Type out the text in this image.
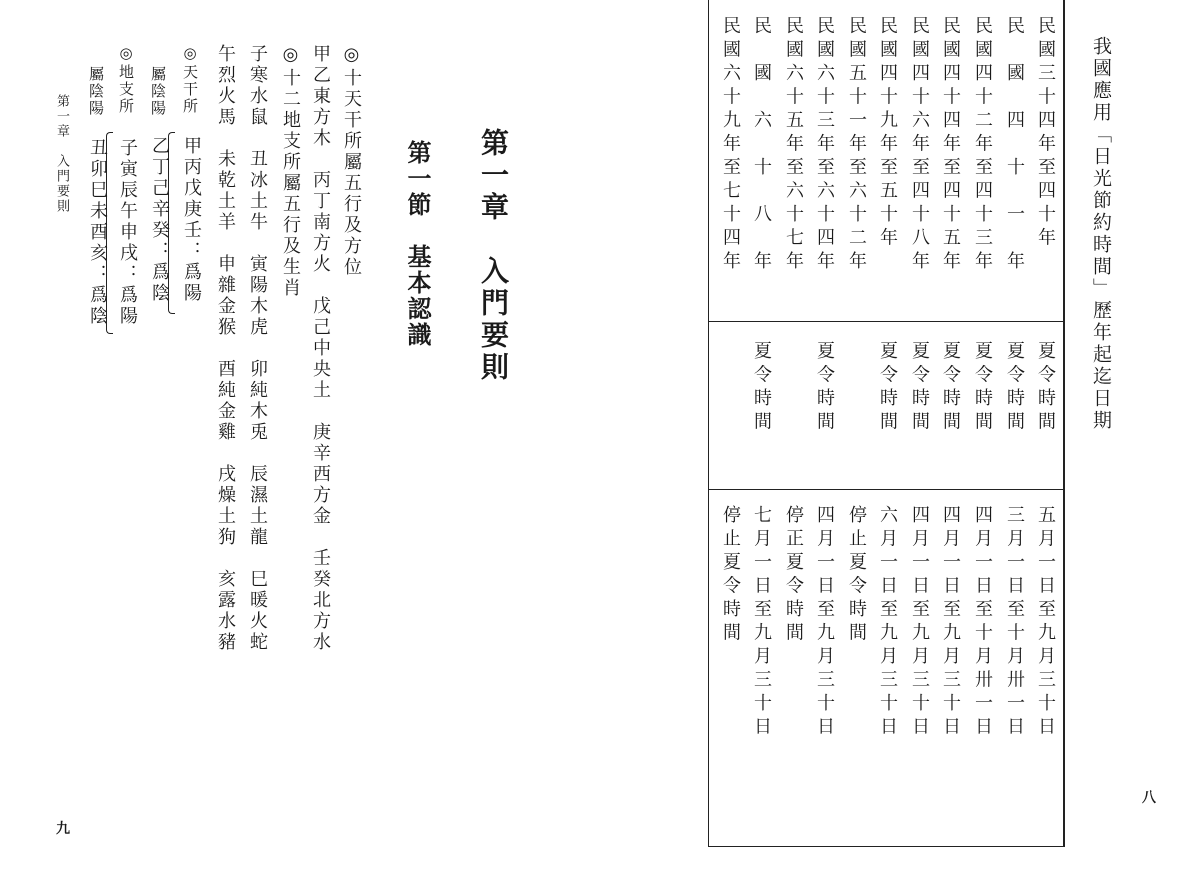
第一章　入門要則
第一節　基本認識
◎十天干所屬五行及方位
甲乙東方木　丙丁南方火　戊己中央土　庚辛西方金　壬癸北方水
◎十二地支所屬五行及生肖
子寒水鼠　丑冰土牛　寅陽木虎　卯純木兎　辰濕土龍　巳暖火蛇
午烈火馬　未乾土羊　申雜金猴　酉純金雞　戌燥土狗　亥露水豬
◎天干所
屬陰陽
甲丙戊庚壬：爲陽
乙丁己辛癸：爲陰
◎地支所
屬陰陽
子寅辰午申戌：爲陽
丑卯巳未酉亥：爲陰
第一章　入門要則
九
我國應用「日光節約時間」歷年起迄日期
民國三十四年至四十年
民　國　四　十　一　年
民國四十二年至四十三年
民國四十四年至四十五年
民國四十六年至四十八年
民國四十九年至五十年
民國五十一年至六十二年
民國六十三年至六十四年
民國六十五年至六十七年
民　國　六　十　八　年
民國六十九年至七十四年
夏令時間
夏令時間
夏令時間
夏令時間
夏令時間
夏令時間
夏令時間
夏令時間
五月一日至九月三十日
三月一日至十月卅一日
四月一日至十月卅一日
四月一日至九月三十日
四月一日至九月三十日
六月一日至九月三十日
停止夏令時間
四月一日至九月三十日
停正夏令時間
七月一日至九月三十日
停止夏令時間
八
